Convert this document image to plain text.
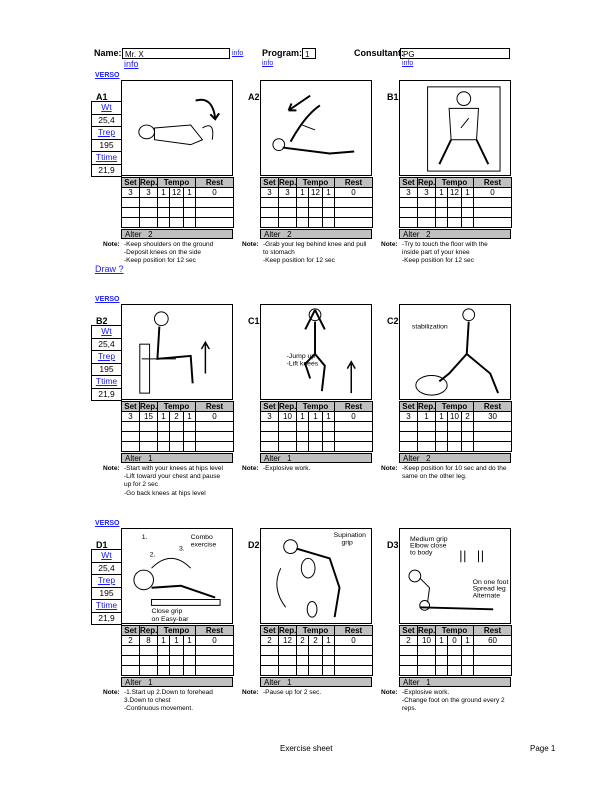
Name: Mr. X	info
info
Program: 1
info
Consultant: PG
info
VERSO
VERSO
VERSO
Draw ?
A1
Wt
25,4
Trep
195
Ttime
21,9
Set	Rep.	Tempo			Rest
3	3	1	12	1	0

Alter 2
Note: -Keep shoulders on the ground
-Deposit knees on the side
-Keep position for 12 sec
A2
Set	Rep.	Tempo			Rest
3	3	1	12	1	0

Alter 2
Note: -Grab your leg behind knee and pull
to stomach
-Keep position for 12 sec
B1
Set	Rep.	Tempo			Rest
3	3	1	12	1	0

Alter 2
Note: -Try to touch the floor with the
inside part of your knee
-Keep position for 12 sec
B2
Wt
25,4
Trep
195
Ttime
21,9
Set	Rep.	Tempo			Rest
3	15	1	2	1	0

Alter 1
Note: -Start with your knees at hips level
-Lift toward your chest and pause
up for 2 sec
-Go back knees at hips level
C1
-Jump up
-Lift knees
Set	Rep.	Tempo			Rest
3	10	1	1	1	0

Alter 1
Note: -Explosive work.
C2
stabilization
Set	Rep.	Tempo			Rest
3	1	1	10	2	30

Alter 2
Note: -Keep position for 10 sec and do the
same on the other leg.
D1
Wt
25,4
Trep
195
Ttime
21,9
Combo
exercise
1.
2.
3.
Close grip
on Easy-bar
Set	Rep.	Tempo			Rest
2	8	1	1	1	0

Alter 1
Note: -1.Start up 2.Down to forehead
3.Down to chest
-Continuous movement.
D2
Supination
grip
Set	Rep.	Tempo			Rest
2	12	2	2	1	0

Alter 1
Note: -Pause up for 2 sec.
D3
Medium grip
Elbow close
to body
On one foot
Spread leg
Alternate
Set	Rep.	Tempo			Rest
2	10	1	0	1	60

Alter 1
Note: -Explosive work.
-Change foot on the ground every 2
reps.
Exercise sheet	Page 1
